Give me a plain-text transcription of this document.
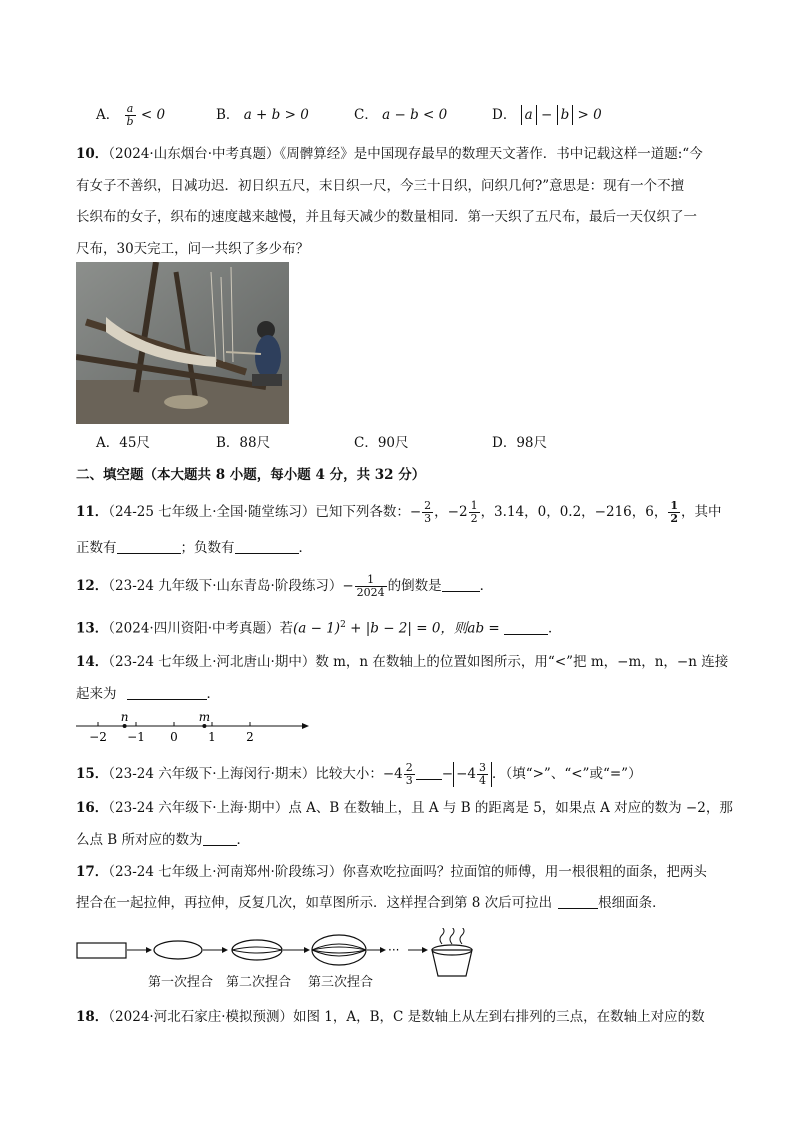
A． $\frac{a}{b} < 0$	B． a + b > 0	C． a − b < 0	D． a − b > 0
10．（2024·山东烟台·中考真题）《周髀算经》是中国现存最早的数理天文著作．书中记载这样一道题:“今
有女子不善织，日减功迟．初日织五尺，末日织一尺，今三十日织，问织几何?”意思是：现有一个不擅
长织布的女子，织布的速度越来越慢，并且每天减少的数量相同．第一天织了五尺布，最后一天仅织了一
尺布，30天完工，问一共织了多少布？
A．45尺	B．88尺	C．90尺	D．98尺
二、填空题（本大题共 8 小题，每小题 4 分，共 32 分）
11．（24-25 七年级上·全国·随堂练习）已知下列各数：− $\frac{2}{3}$ ，$-2 \frac{1}{2}$ ，3.14，0，0.2，−216，6， $\frac{1}{2}$ ，其中
正数有	；负数有	．
12．（23-24 九年级下·山东青岛·阶段练习）− $\frac{1}{2024}$ 的倒数是	．
13．（2024·四川资阳·中考真题）若$(a - 1)^2 + |b - 2| = 0$，则ab =	．
14．（23-24 七年级上·河北唐山·期中）数 m，n 在数轴上的位置如图所示，用“<”把 m，−m，n，−n 连接
起来为	．
−2 −1 0	1	2
n	m
15．（23-24 六年级下·上海闵行·期末）比较大小：$-4 \frac{2}{3} - -4 \frac{3}{4}$ ．（填“>”、“<”或“=”）
16．（23-24 六年级下·上海·期中）点 A、B 在数轴上，且 A 与 B 的距离是 5，如果点 A 对应的数为 −2，那
么点 B 所对应的数为	．
17．（23-24 七年级上·河南郑州·阶段练习）你喜欢吃拉面吗？拉面馆的师傅，用一根很粗的面条，把两头
捏合在一起拉伸，再拉伸，反复几次，如草图所示．这样捏合到第 8 次后可拉出	根细面条．
···
第一次捏合 第二次捏合 第三次捏合
18．（2024·河北石家庄·模拟预测）如图 1，A，B，C 是数轴上从左到右排列的三点，在数轴上对应的数
